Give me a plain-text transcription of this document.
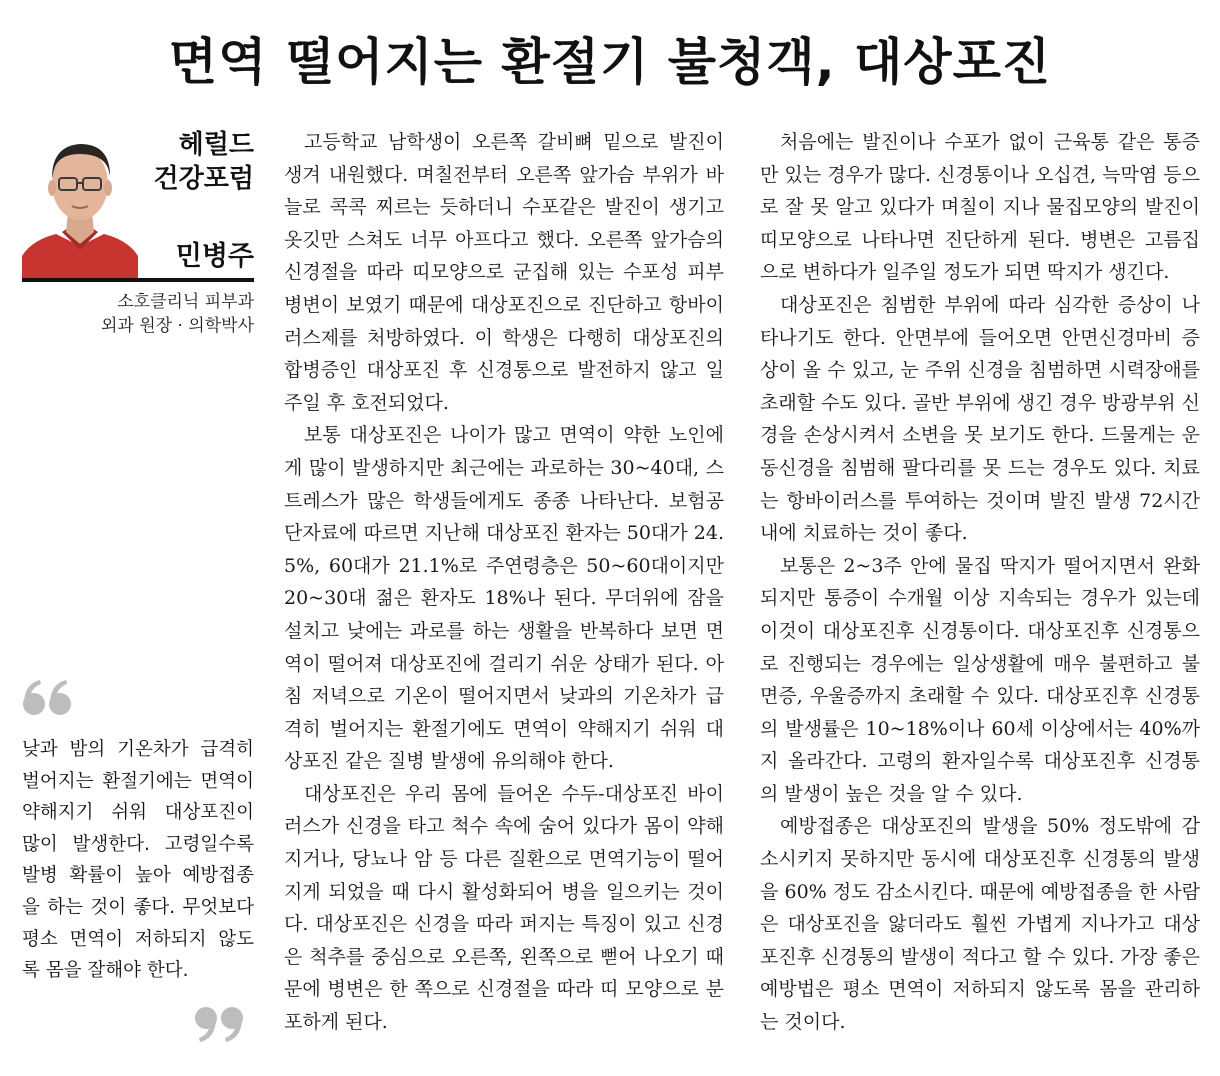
면역 떨어지는 환절기 불청객, 대상포진
헤럴드
건강포럼
민병주
소호클리닉 피부과
외과 원장 · 의학박사
낮과 밤의 기온차가 급격히 벌어지는 환절기에는 면역이 약해지기 쉬워 대상포진이 많이 발생한다. 고령일수록 발병 확률이 높아 예방접종을 하는 것이 좋다. 무엇보다 평소 면역이 저하되지 않도록 몸을 잘해야 한다.

고등학교 남학생이 오른쪽 갈비뼈 밑으로 발진이 생겨 내원했다. 며칠전부터 오른쪽 앞가슴 부위가 바늘로 콕콕 찌르는 듯하더니 수포같은 발진이 생기고 옷깃만 스쳐도 너무 아프다고 했다. 오른쪽 앞가슴의 신경절을 따라 띠모양으로 군집해 있는 수포성 피부병변이 보였기 때문에 대상포진으로 진단하고 항바이러스제를 처방하였다. 이 학생은 다행히 대상포진의 합병증인 대상포진 후 신경통으로 발전하지 않고 일주일 후 호전되었다.

보통 대상포진은 나이가 많고 면역이 약한 노인에게 많이 발생하지만 최근에는 과로하는 30~40대, 스트레스가 많은 학생들에게도 종종 나타난다. 보험공단자료에 따르면 지난해 대상포진 환자는 50대가 24.5%, 60대가 21.1%로 주연령층은 50~60대이지만 20~30대 젊은 환자도 18%나 된다. 무더위에 잠을 설치고 낮에는 과로를 하는 생활을 반복하다 보면 면역이 떨어져 대상포진에 걸리기 쉬운 상태가 된다. 아침 저녁으로 기온이 떨어지면서 낮과의 기온차가 급격히 벌어지는 환절기에도 면역이 약해지기 쉬워 대상포진 같은 질병 발생에 유의해야 한다.

대상포진은 우리 몸에 들어온 수두-대상포진 바이러스가 신경을 타고 척수 속에 숨어 있다가 몸이 약해지거나, 당뇨나 암 등 다른 질환으로 면역기능이 떨어지게 되었을 때 다시 활성화되어 병을 일으키는 것이다. 대상포진은 신경을 따라 퍼지는 특징이 있고 신경은 척추를 중심으로 오른쪽, 왼쪽으로 뻗어 나오기 때문에 병변은 한 쪽으로 신경절을 따라 띠 모양으로 분포하게 된다.

처음에는 발진이나 수포가 없이 근육통 같은 통증만 있는 경우가 많다. 신경통이나 오십견, 늑막염 등으로 잘 못 알고 있다가 며칠이 지나 물집모양의 발진이 띠모양으로 나타나면 진단하게 된다. 병변은 고름집으로 변하다가 일주일 정도가 되면 딱지가 생긴다.

대상포진은 침범한 부위에 따라 심각한 증상이 나타나기도 한다. 안면부에 들어오면 안면신경마비 증상이 올 수 있고, 눈 주위 신경을 침범하면 시력장애를 초래할 수도 있다. 골반 부위에 생긴 경우 방광부위 신경을 손상시켜서 소변을 못 보기도 한다. 드물게는 운동신경을 침범해 팔다리를 못 드는 경우도 있다. 치료는 항바이러스를 투여하는 것이며 발진 발생 72시간 내에 치료하는 것이 좋다.

보통은 2~3주 안에 물집 딱지가 떨어지면서 완화되지만 통증이 수개월 이상 지속되는 경우가 있는데 이것이 대상포진후 신경통이다. 대상포진후 신경통으로 진행되는 경우에는 일상생활에 매우 불편하고 불면증, 우울증까지 초래할 수 있다. 대상포진후 신경통의 발생률은 10~18%이나 60세 이상에서는 40%까지 올라간다. 고령의 환자일수록 대상포진후 신경통의 발생이 높은 것을 알 수 있다.

예방접종은 대상포진의 발생을 50% 정도밖에 감소시키지 못하지만 동시에 대상포진후 신경통의 발생을 60% 정도 감소시킨다. 때문에 예방접종을 한 사람은 대상포진을 앓더라도 훨씬 가볍게 지나가고 대상포진후 신경통의 발생이 적다고 할 수 있다. 가장 좋은 예방법은 평소 면역이 저하되지 않도록 몸을 관리하는 것이다.
